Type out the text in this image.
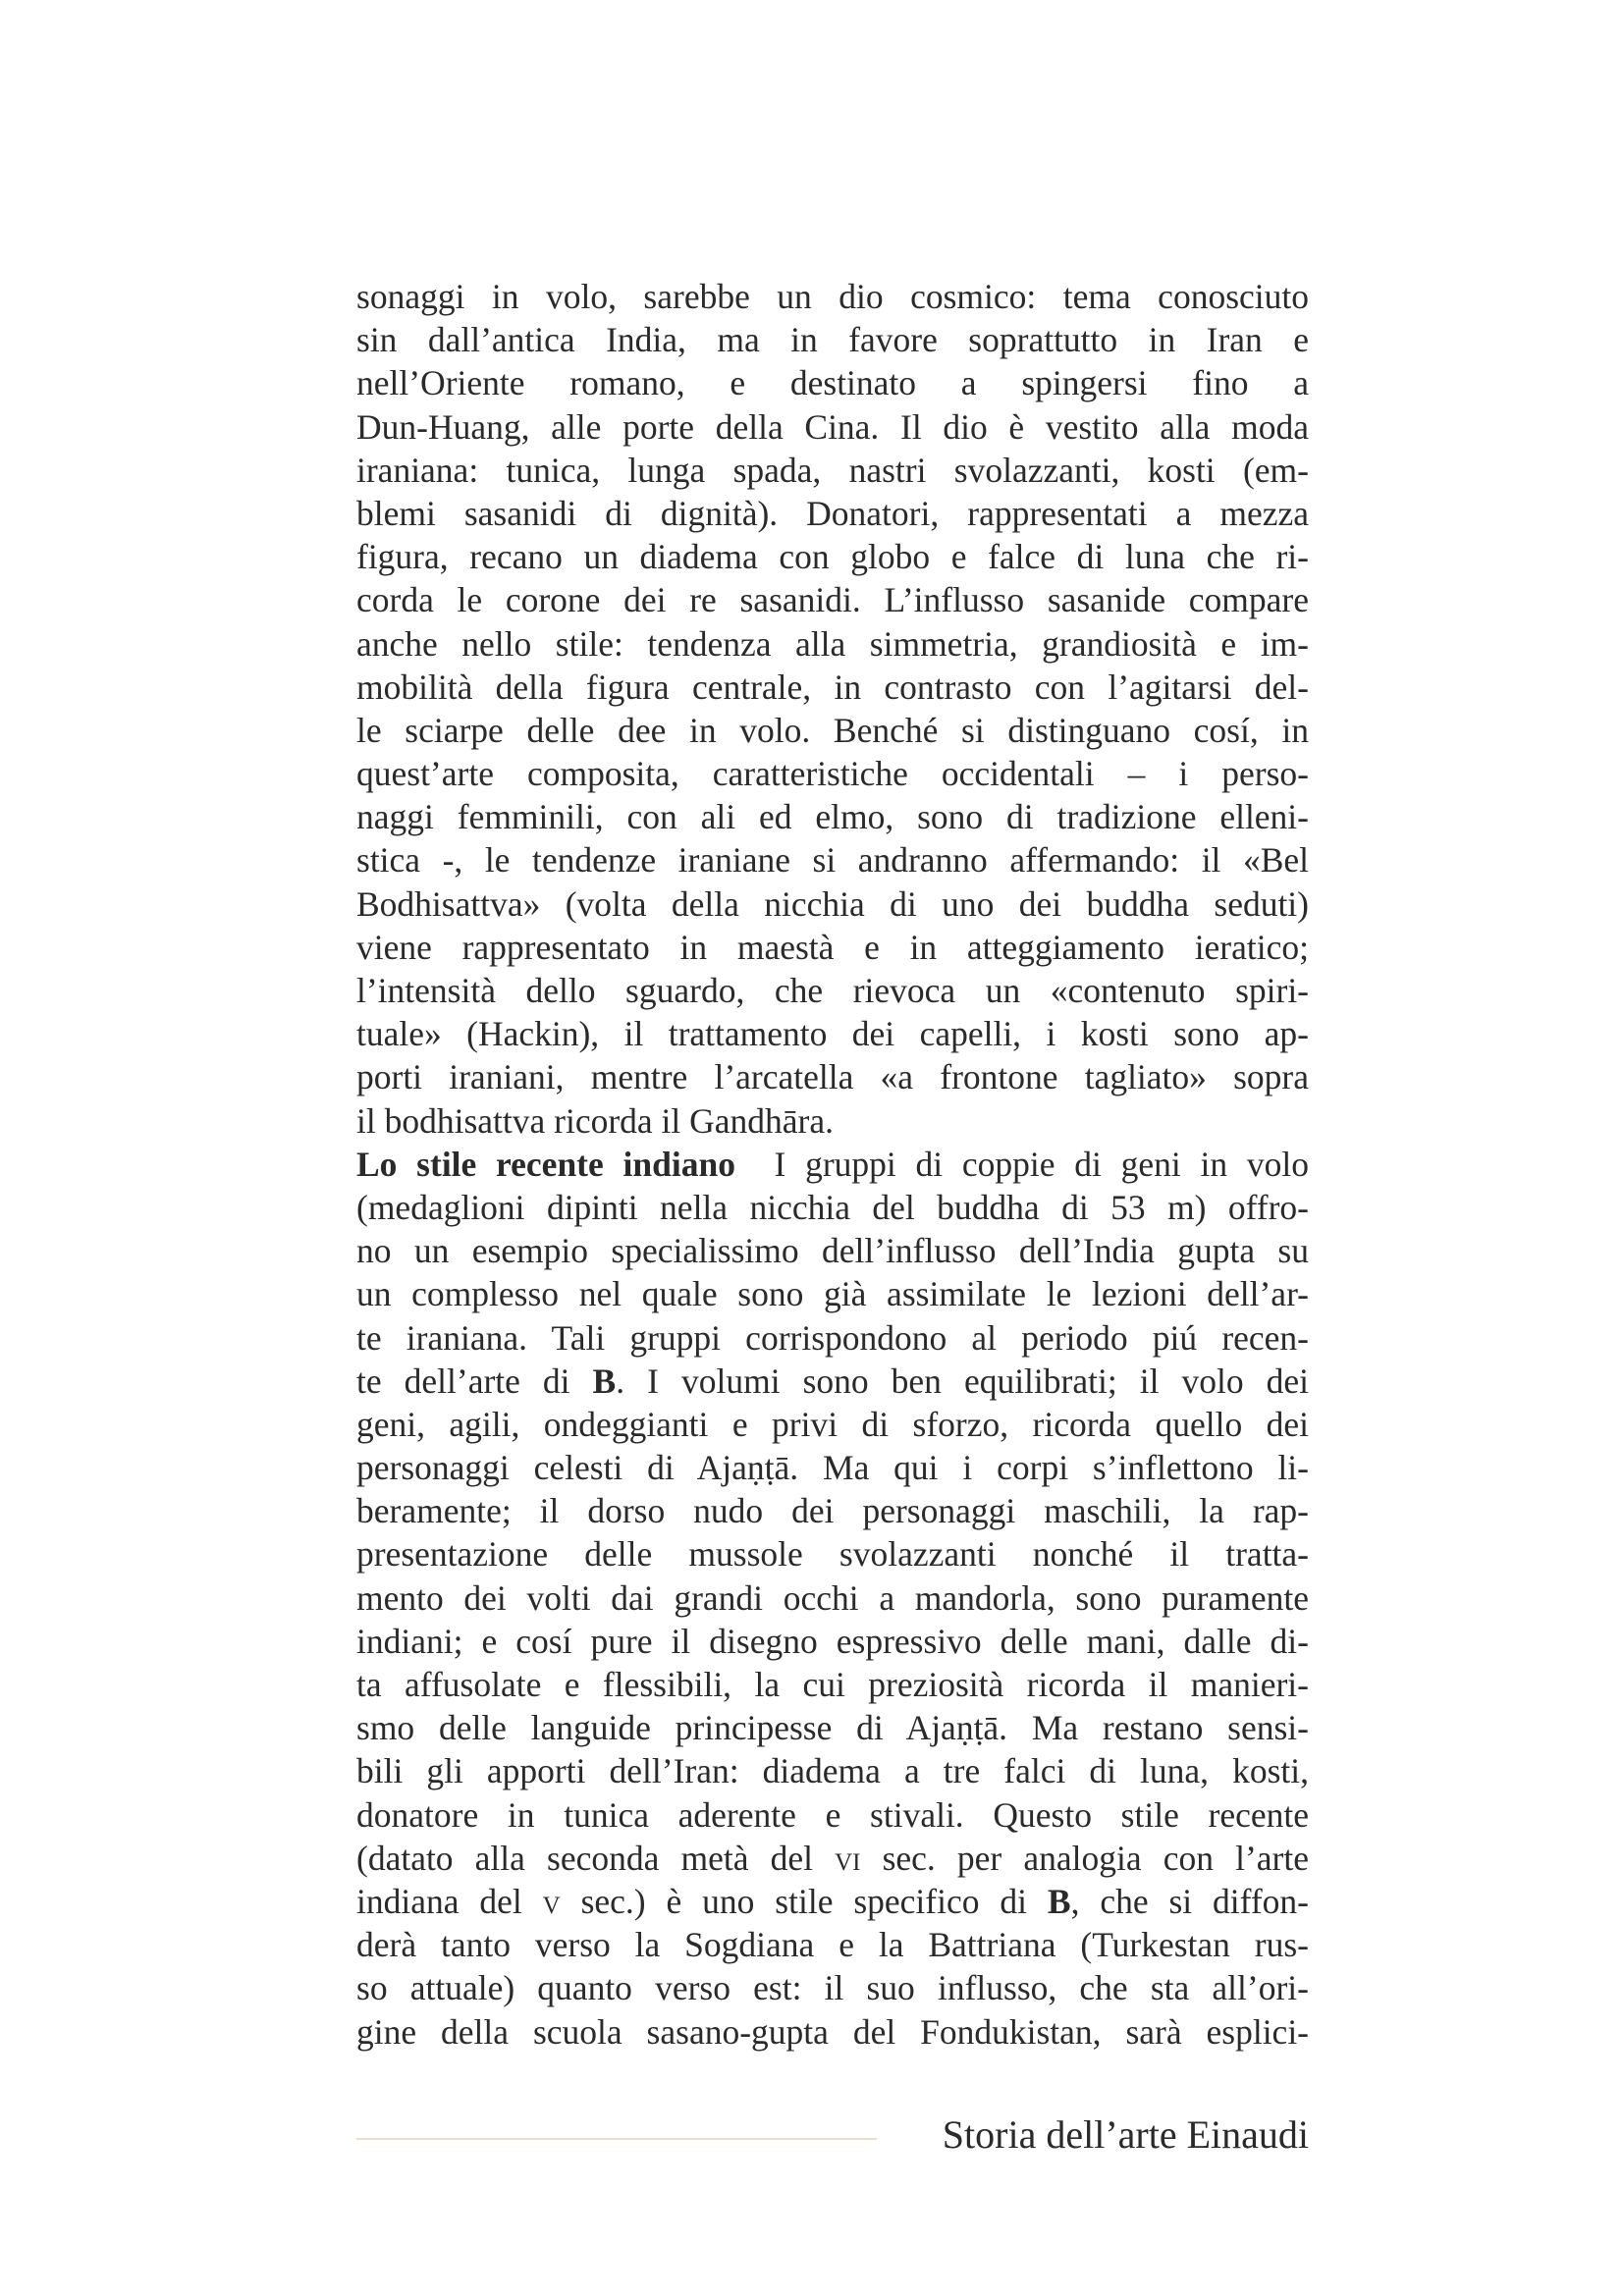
sonaggi in volo, sarebbe un dio cosmico: tema conosciuto
sin dall’antica India, ma in favore soprattutto in Iran e
nell’Oriente romano, e destinato a spingersi fino a
Dun-Huang, alle porte della Cina. Il dio è vestito alla moda
iraniana: tunica, lunga spada, nastri svolazzanti, kosti (em-
blemi sasanidi di dignità). Donatori, rappresentati a mezza
figura, recano un diadema con globo e falce di luna che ri-
corda le corone dei re sasanidi. L’influsso sasanide compare
anche nello stile: tendenza alla simmetria, grandiosità e im-
mobilità della figura centrale, in contrasto con l’agitarsi del-
le sciarpe delle dee in volo. Benché si distinguano cosí, in
quest’arte composita, caratteristiche occidentali – i perso-
naggi femminili, con ali ed elmo, sono di tradizione elleni-
stica -, le tendenze iraniane si andranno affermando: il «Bel
Bodhisattva» (volta della nicchia di uno dei buddha seduti)
viene rappresentato in maestà e in atteggiamento ieratico;
l’intensità dello sguardo, che rievoca un «contenuto spiri-
tuale» (Hackin), il trattamento dei capelli, i kosti sono ap-
porti iraniani, mentre l’arcatella «a frontone tagliato» sopra
il bodhisattva ricorda il Gandhāra.
Lo stile recente indiano I gruppi di coppie di geni in volo
(medaglioni dipinti nella nicchia del buddha di 53 m) offro-
no un esempio specialissimo dell’influsso dell’India gupta su
un complesso nel quale sono già assimilate le lezioni dell’ar-
te iraniana. Tali gruppi corrispondono al periodo piú recen-
te dell’arte di B. I volumi sono ben equilibrati; il volo dei
geni, agili, ondeggianti e privi di sforzo, ricorda quello dei
personaggi celesti di Ajaṇṭā. Ma qui i corpi s’inflettono li-
beramente; il dorso nudo dei personaggi maschili, la rap-
presentazione delle mussole svolazzanti nonché il tratta-
mento dei volti dai grandi occhi a mandorla, sono puramente
indiani; e cosí pure il disegno espressivo delle mani, dalle di-
ta affusolate e flessibili, la cui preziosità ricorda il manieri-
smo delle languide principesse di Ajaṇṭā. Ma restano sensi-
bili gli apporti dell’Iran: diadema a tre falci di luna, kosti,
donatore in tunica aderente e stivali. Questo stile recente
(datato alla seconda metà del vi sec. per analogia con l’arte
indiana del v sec.) è uno stile specifico di B, che si diffon-
derà tanto verso la Sogdiana e la Battriana (Turkestan rus-
so attuale) quanto verso est: il suo influsso, che sta all’ori-
gine della scuola sasano-gupta del Fondukistan, sarà esplici-
Storia dell’arte Einaudi
